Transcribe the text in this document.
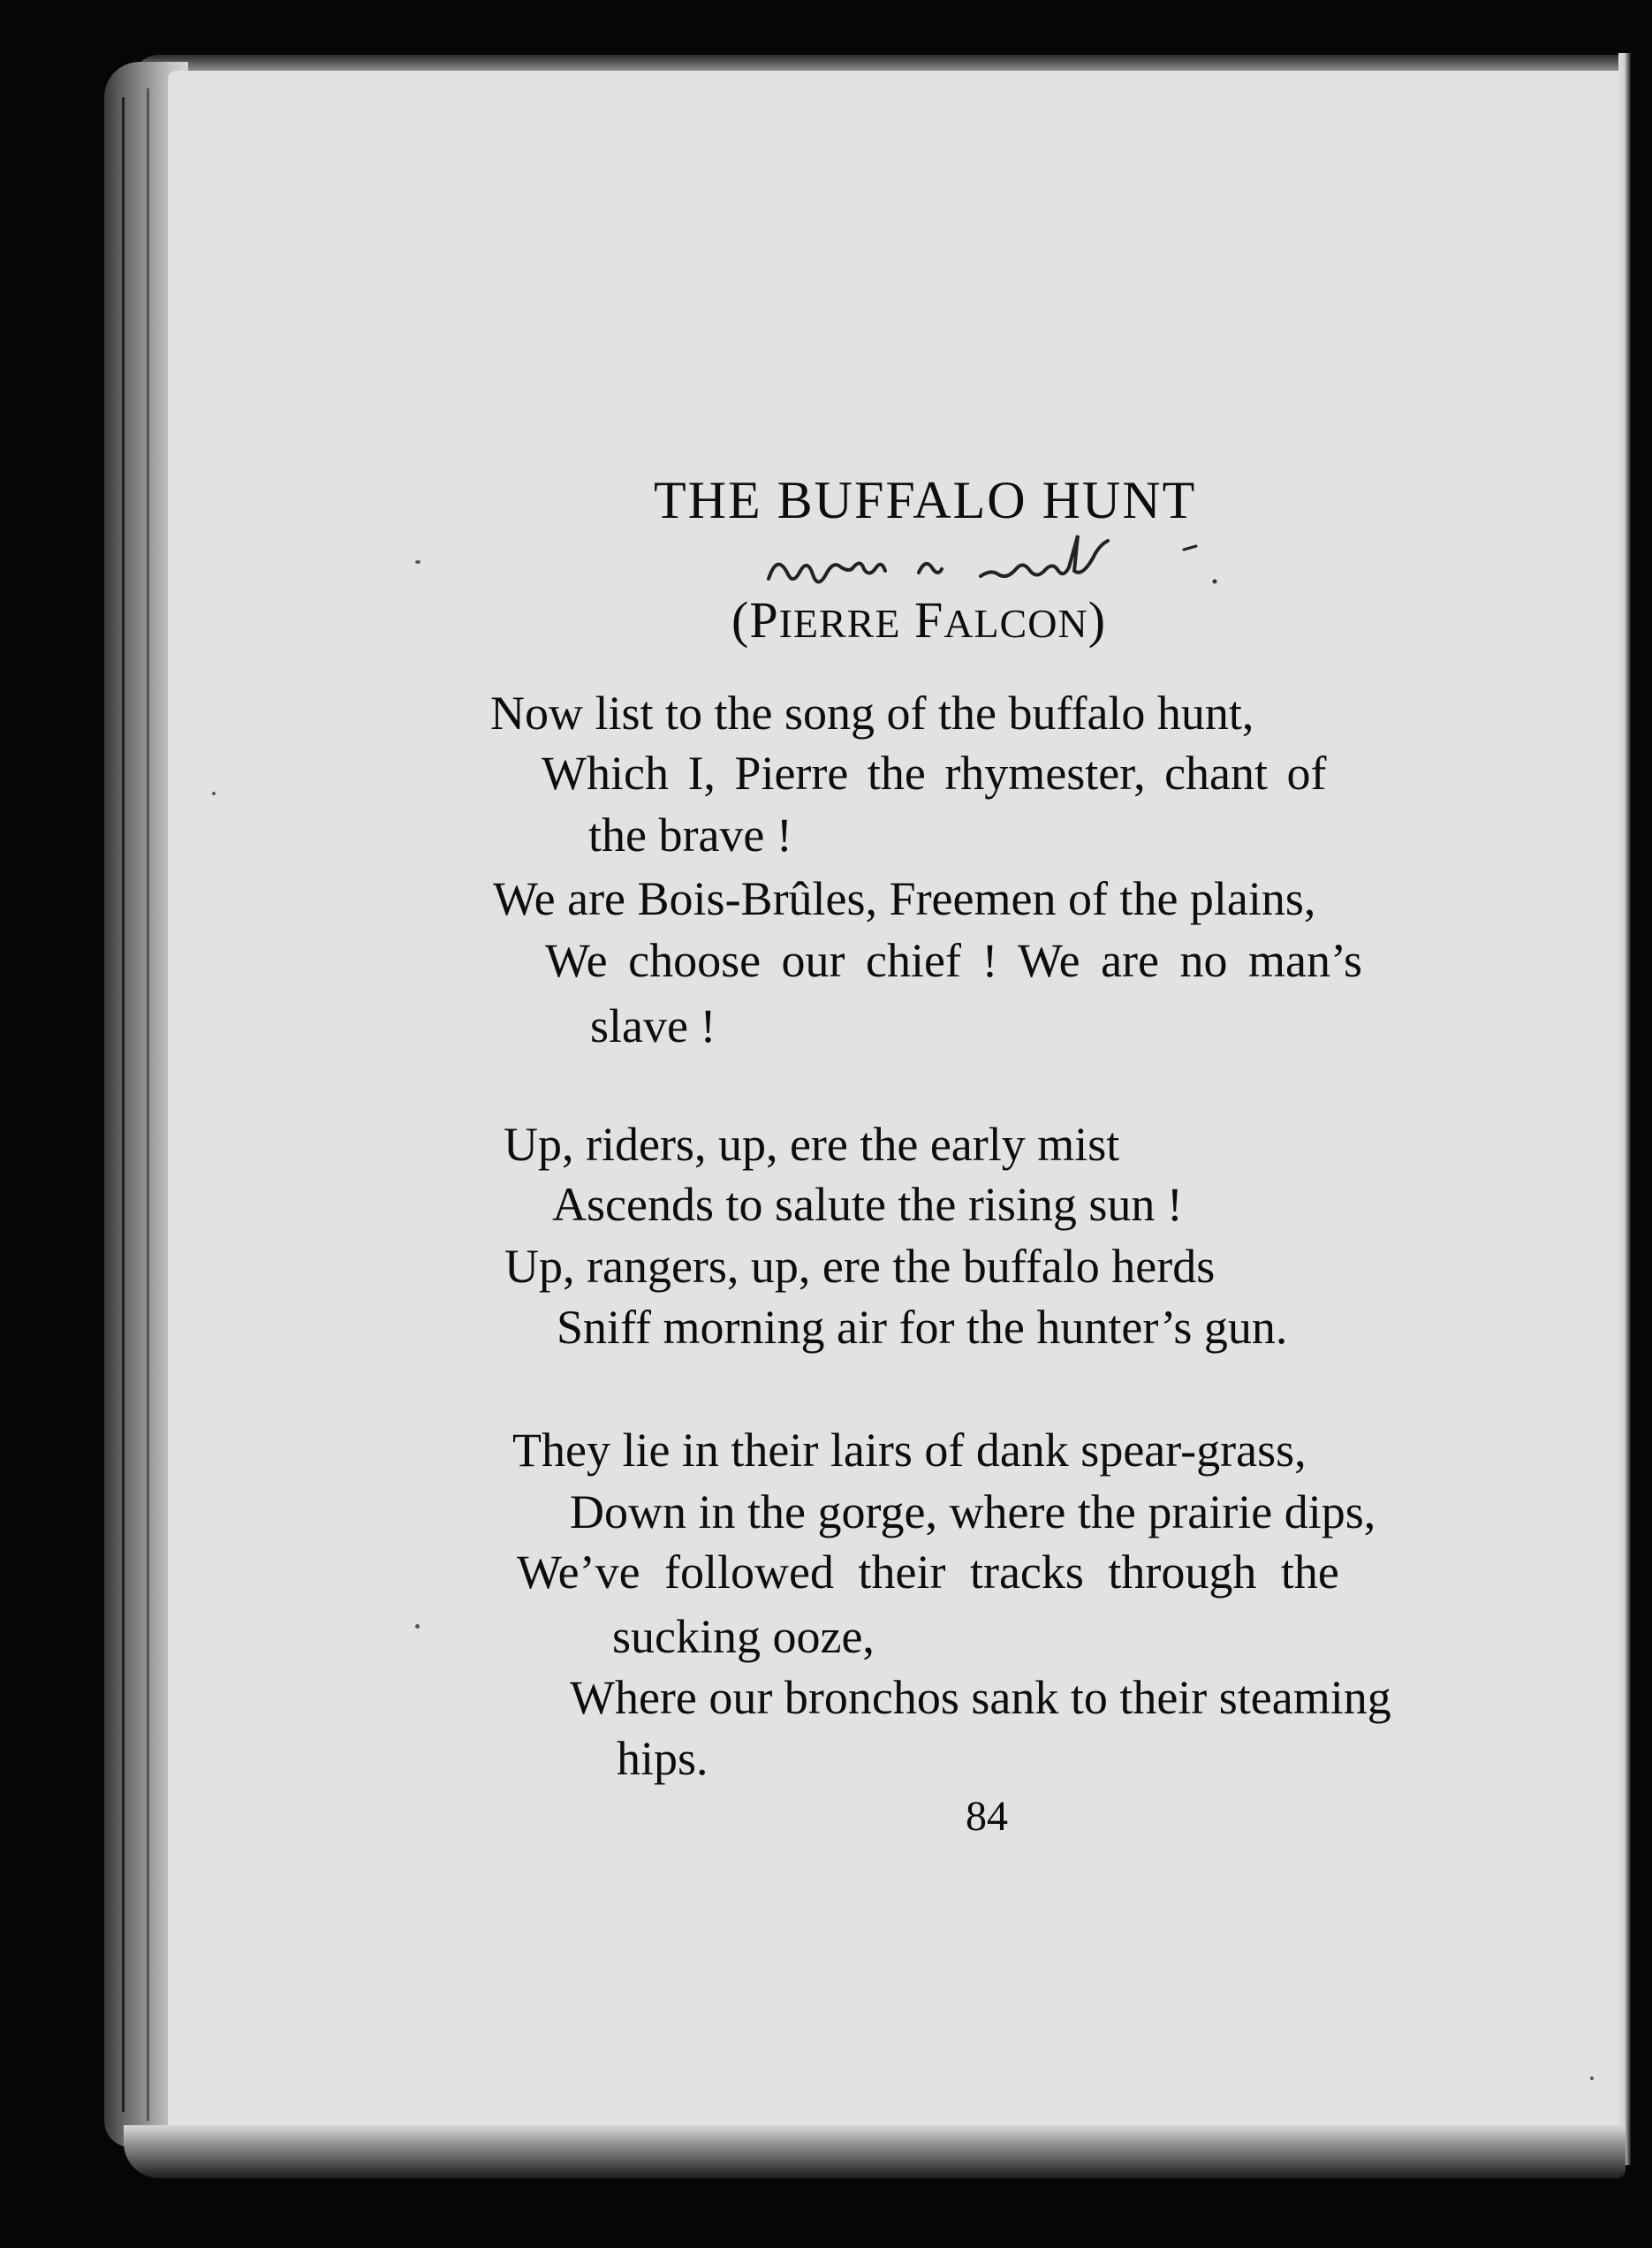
THE BUFFALO HUNT
(PIERRE FALCON)
Now list to the song of the buffalo hunt,
Which I, Pierre the rhymester, chant of
the brave !
We are Bois-Brûles, Freemen of the plains,
We choose our chief ! We are no man’s
slave !
Up, riders, up, ere the early mist
Ascends to salute the rising sun !
Up, rangers, up, ere the buffalo herds
Sniff morning air for the hunter’s gun.
They lie in their lairs of dank spear-grass,
Down in the gorge, where the prairie dips,
We’ve followed their tracks through the
sucking ooze,
Where our bronchos sank to their steaming
hips.
84
